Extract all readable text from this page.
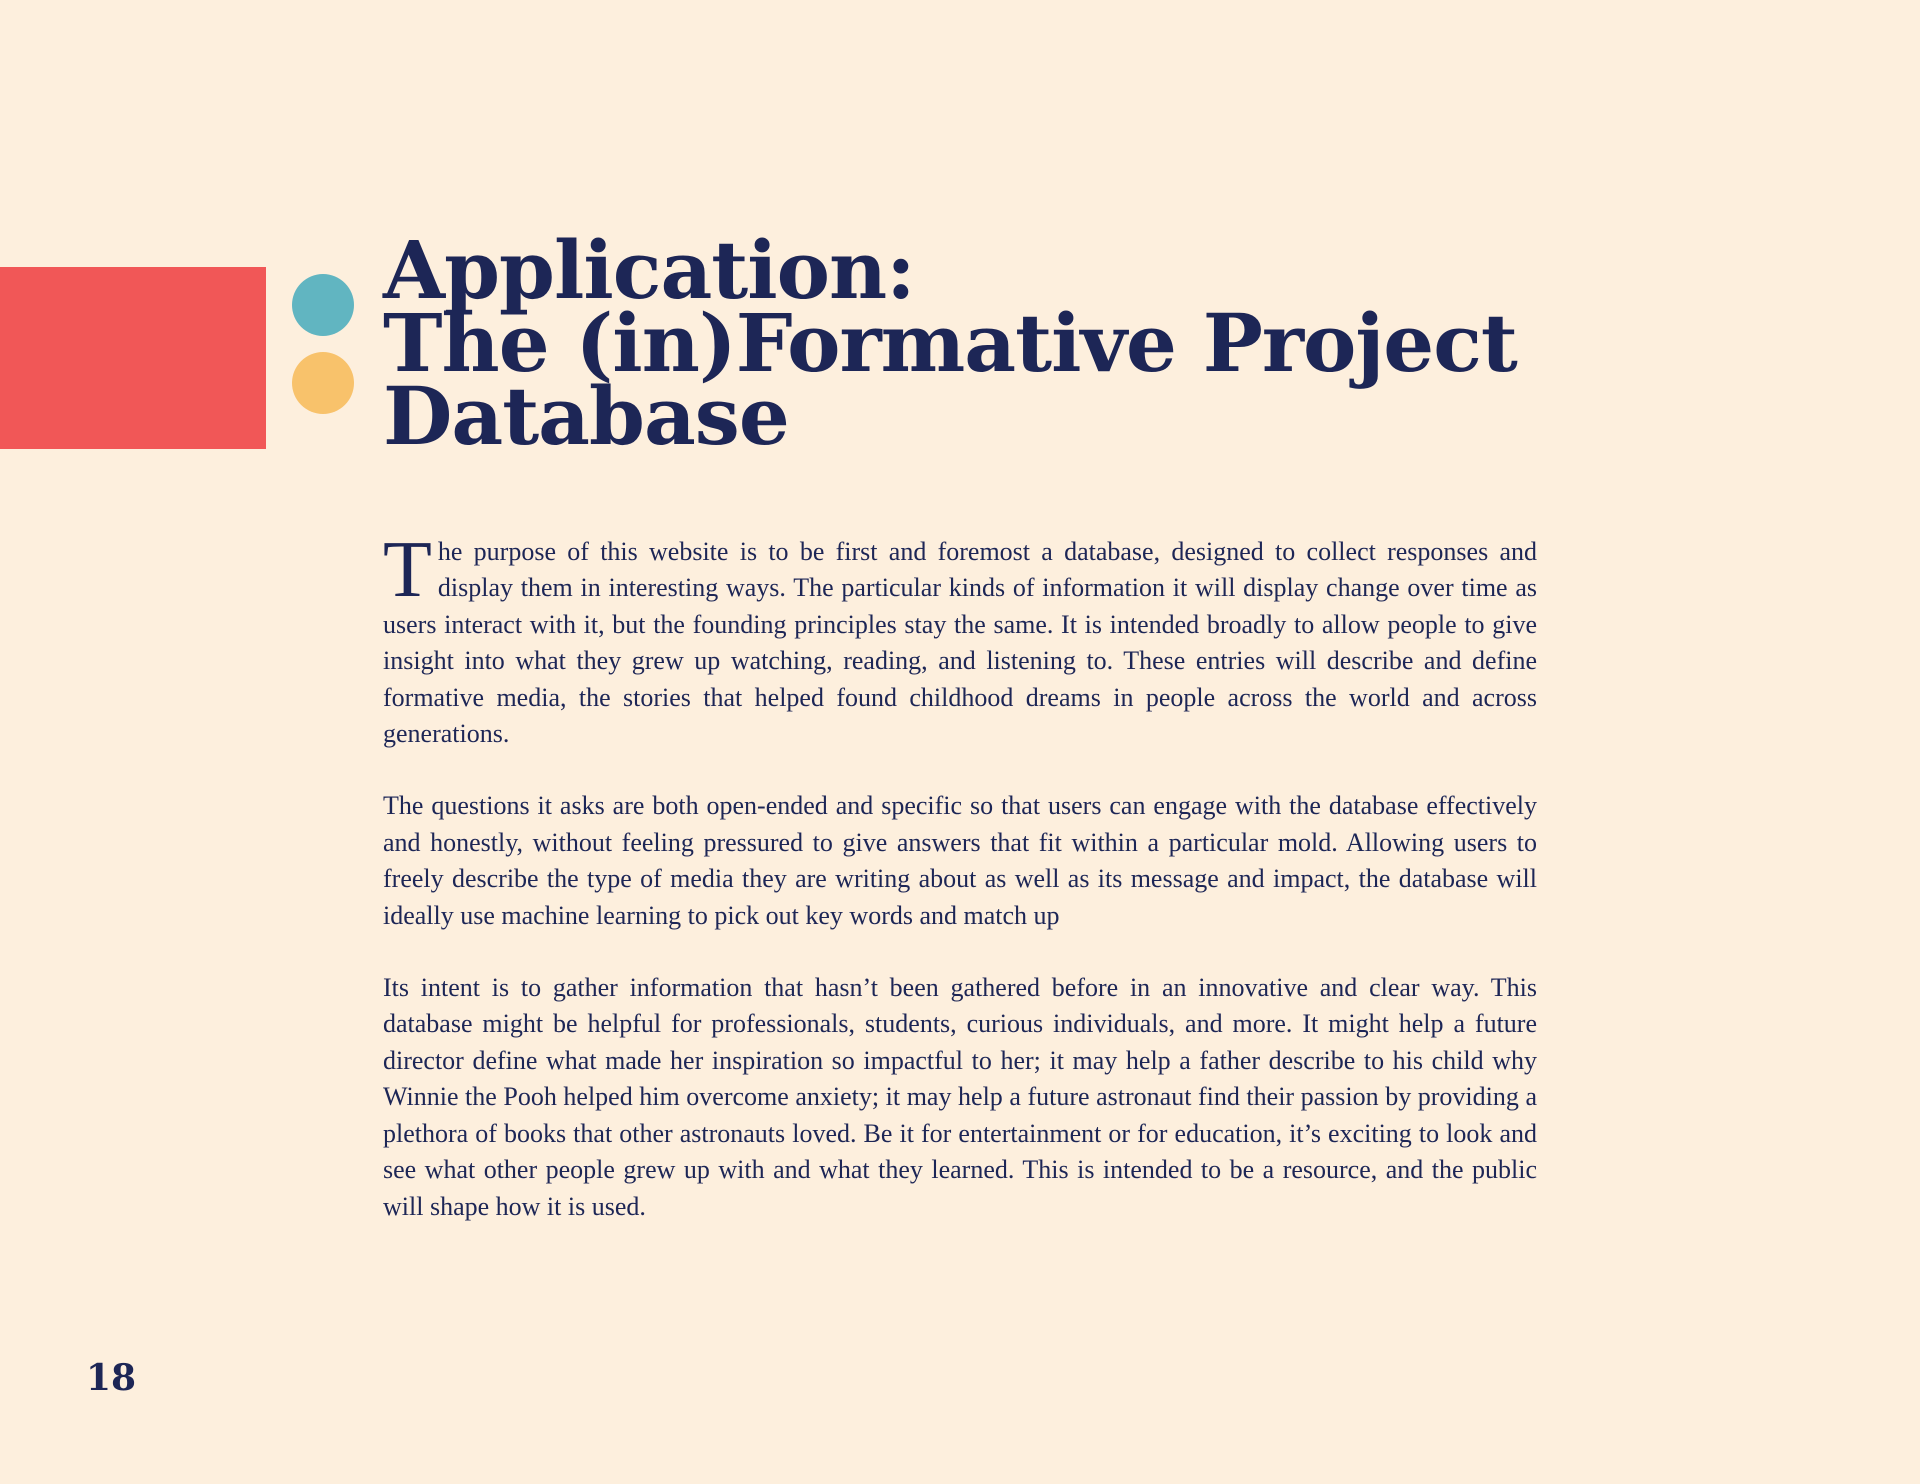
Application:
The (in)Formative Project
Database

The purpose of this website is to be first and foremost a database, designed to collect responses and display them in interesting ways. The particular kinds of information it will display change over time as users interact with it, but the founding principles stay the same. It is intended broadly to allow people to give insight into what they grew up watching, reading, and listening to. These entries will describe and define formative media, the stories that helped found childhood dreams in people across the world and across generations.

The questions it asks are both open-ended and specific so that users can engage with the database effectively and honestly, without feeling pressured to give answers that fit within a particular mold. Allowing users to freely describe the type of media they are writing about as well as its message and impact, the database will ideally use machine learning to pick out key words and match up

Its intent is to gather information that hasn’t been gathered before in an innovative and clear way. This database might be helpful for professionals, students, curious individuals, and more. It might help a future director define what made her inspiration so impactful to her; it may help a father describe to his child why Winnie the Pooh helped him overcome anxiety; it may help a future astronaut find their passion by providing a plethora of books that other astronauts loved. Be it for entertainment or for education, it’s exciting to look and see what other people grew up with and what they learned. This is intended to be a resource, and the public will shape how it is used.

18
